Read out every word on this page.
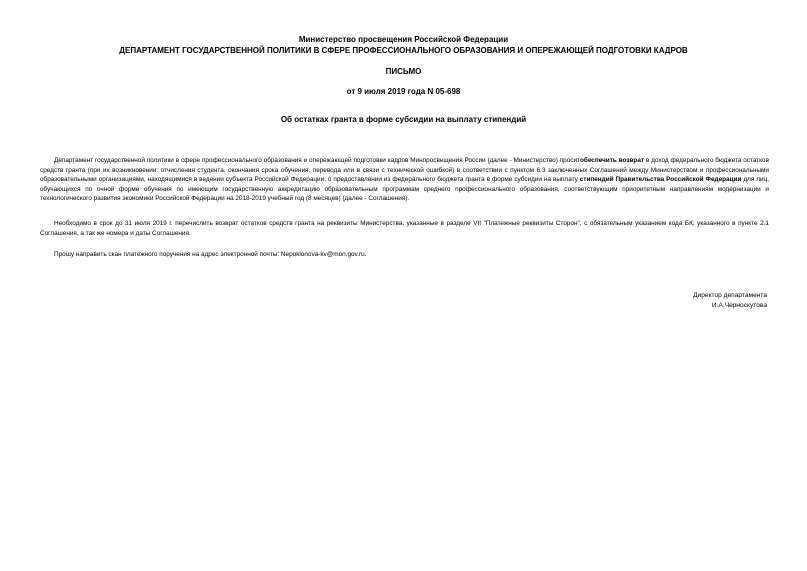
Министерство просвещения Российской Федерации
ДЕПАРТАМЕНТ ГОСУДАРСТВЕННОЙ ПОЛИТИКИ В СФЕРЕ ПРОФЕССИОНАЛЬНОГО ОБРАЗОВАНИЯ И ОПЕРЕЖАЮЩЕЙ ПОДГОТОВКИ КАДРОВ
ПИСЬМО
от 9 июля 2019 года N 05-698
Об остатках гранта в форме субсидии на выплату стипендий

Департамент государственной политики в сфере профессионального образования и опережающей подготовки кадров Минпросвещения России (далее - Министерство) проситобеспечить возврат в доход федерального бюджета остатков средств гранта (при их возникновении: отчисления студента, окончания срока обучения, перевода или в связи с технической ошибкой) в соответствии с пунктом 6.3 заключенных Соглашений между Министерством и профессиональными образовательными организациями, находящимися в ведении субъекта Российской Федерации, о предоставлении из федерального бюджета гранта в форме субсидии на выплату стипендий Правительства Российской Федерации для лиц, обучающихся по очной форме обучения по имеющим государственную аккредитацию образовательным программам среднего профессионального образования, соответствующим приоритетным направлениям модернизации и технологического развития экономики Российской Федерации на 2018-2019 учебный год (8 месяцев) (далее - Соглашения).

Необходимо в срок до 31 июля 2019 г. перечислить возврат остатков средств гранта на реквизиты Министерства, указанные в разделе VII "Платежные реквизиты Сторон", с обязательным указанием кода БК, указанного в пункте 2.1 Соглашения, а так же номера и даты Соглашения.

Прошу направить скан платежного поручения на адрес электронной почты: Nepoklonova-kv@mon.gov.ru.

Директор департамента
И.А.Черноскутова
